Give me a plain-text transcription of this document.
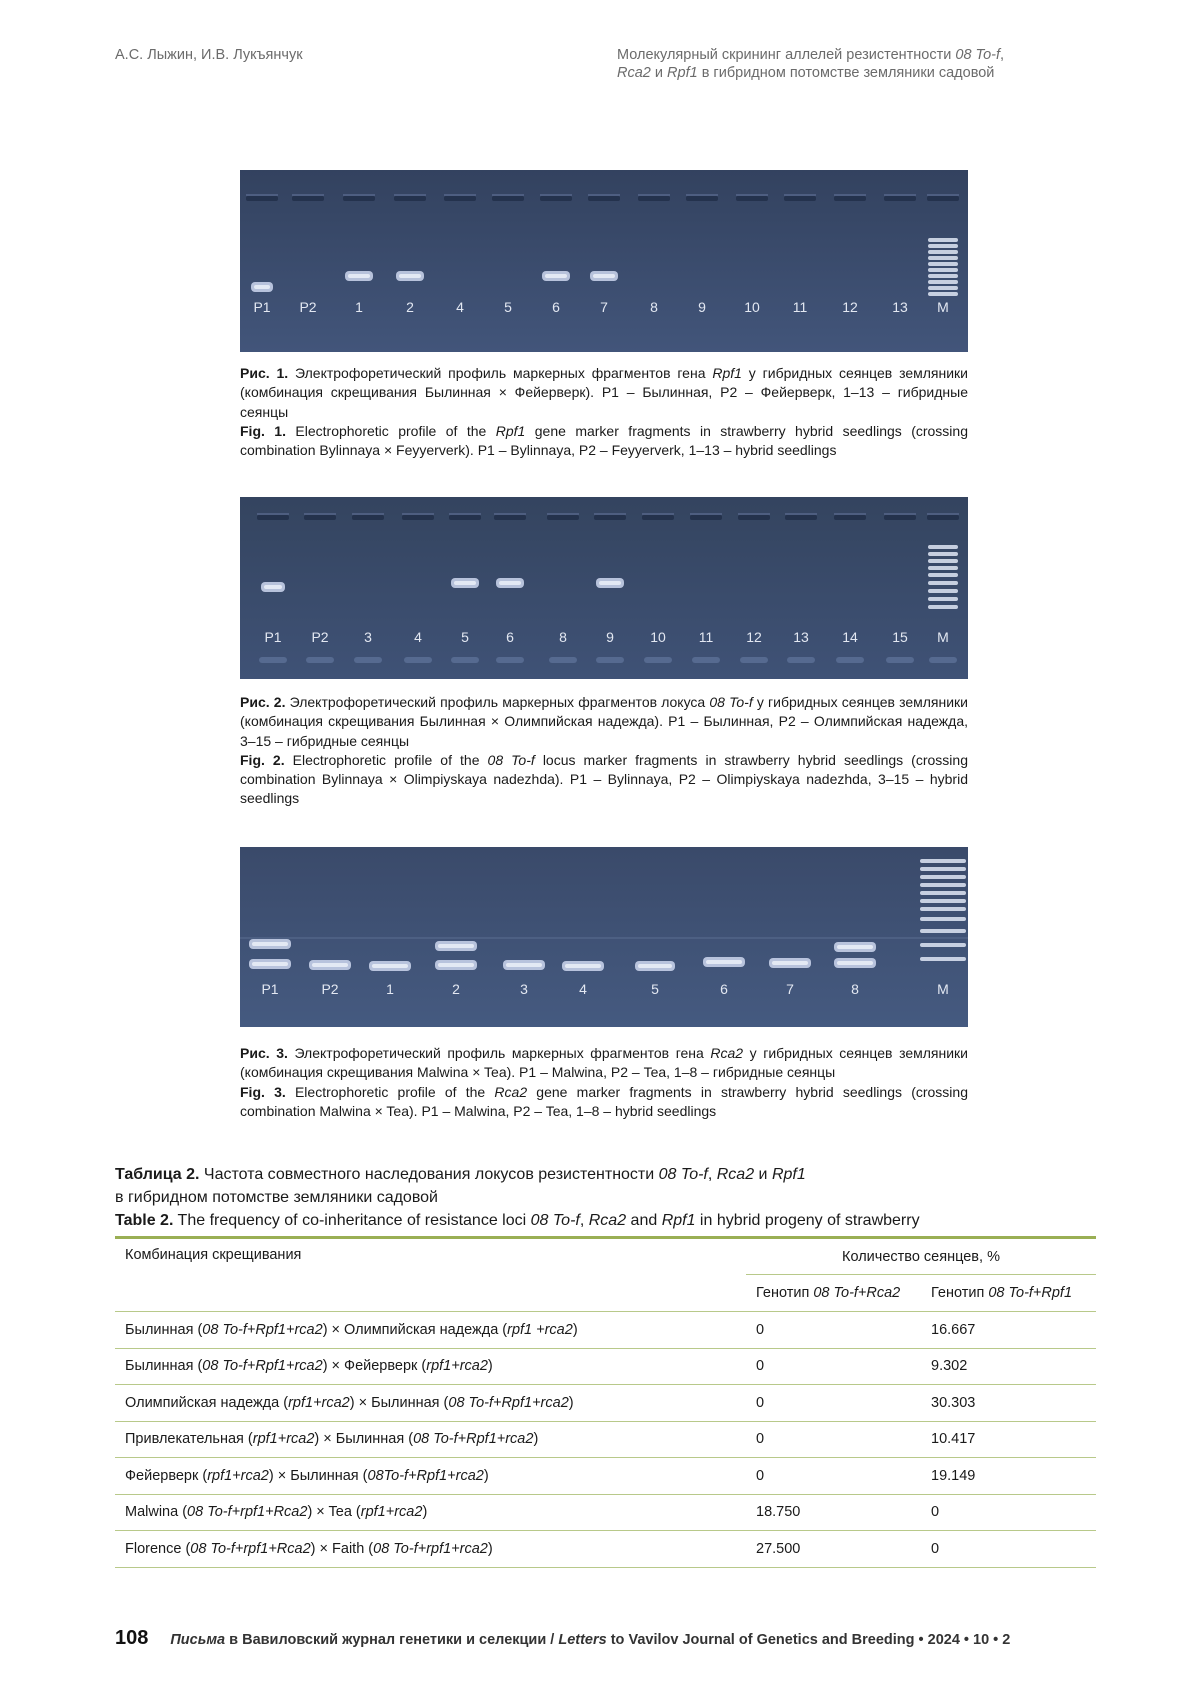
А.С. Лыжин, И.В. Лукъянчук	Молекулярный скрининг аллелей резистентности 08 To-f,
Rca2 и Rpf1 в гибридном потомстве земляники садовой
P1 P2	1	2	4	5	6	7	8	9	10 11 12 13 M

Рис. 1. Электрофоретический профиль маркерных фрагментов гена Rpf1 у гибридных сеянцев земляники (комбинация скрещивания Былинная × Фейерверк). Р1 – Былинная, Р2 – Фейерверк, 1–13 – гибридные сеянцы

Fig. 1. Electrophoretic profile of the Rpf1 gene marker fragments in strawberry hybrid seedlings (crossing combination Bylinnaya × Feyyerverk). P1 – Bylinnaya, P2 – Feyyerverk, 1–13 – hybrid seedlings

P1 P2	3	4	5	6	8	9	10 11 12 13 14 15 M

Рис. 2. Электрофоретический профиль маркерных фрагментов локуса 08 To-f у гибридных сеянцев земляники (комбинация скрещивания Былинная × Олимпийская надежда). Р1 – Былинная, Р2 – Олимпийская надежда, 3–15 – гибридные сеянцы

Fig. 2. Electrophoretic profile of the 08 To-f locus marker fragments in strawberry hybrid seedlings (crossing combination Bylinnaya × Olimpiyskaya nadezhda). P1 – Bylinnaya, P2 – Olimpiyskaya nadezhda, 3–15 – hybrid seedlings

P1	P2	1	2	3	4	5	6	7	8	M

Рис. 3. Электрофоретический профиль маркерных фрагментов гена Rca2 у гибридных сеянцев земляники (комбинация скрещивания Malwina × Tea). Р1 – Malwina, Р2 – Tea, 1–8 – гибридные сеянцы

Fig. 3. Electrophoretic profile of the Rca2 gene marker fragments in strawberry hybrid seedlings (crossing combination Malwina × Tea). P1 – Malwina, P2 – Tea, 1–8 – hybrid seedlings

Таблица 2. Частота совместного наследования локусов резистентности 08 To-f, Rca2 и Rpf1

в гибридном потомстве земляники садовой

Table 2. The frequency of co-inheritance of resistance loci 08 To-f, Rca2 and Rpf1 in hybrid progeny of strawberry

Комбинация скрещивания	Количество сеянцев, %	
	Генотип 08 To-f+Rca2	Генотип 08 To-f+Rpf1
Былинная (08 To-f+Rpf1+rca2) × Олимпийская надежда (rpf1 +rca2)	0	16.667
Былинная (08 To-f+Rpf1+rca2) × Фейерверк (rpf1+rca2)	0	9.302
Олимпийская надежда (rpf1+rca2) × Былинная (08 To-f+Rpf1+rca2)	0	30.303
Привлекательная (rpf1+rca2) × Былинная (08 To-f+Rpf1+rca2)	0	10.417
Фейерверк (rpf1+rca2) × Былинная (08To-f+Rpf1+rca2)	0	19.149
Malwina (08 To-f+rpf1+Rca2) × Tea (rpf1+rca2)	18.750	0
Florence (08 To-f+rpf1+Rca2) × Faith (08 To-f+rpf1+rca2)	27.500	0
108 Письма в Вавиловский журнал генетики и селекции / Letters to Vavilov Journal of Genetics and Breeding • 2024 • 10 • 2
